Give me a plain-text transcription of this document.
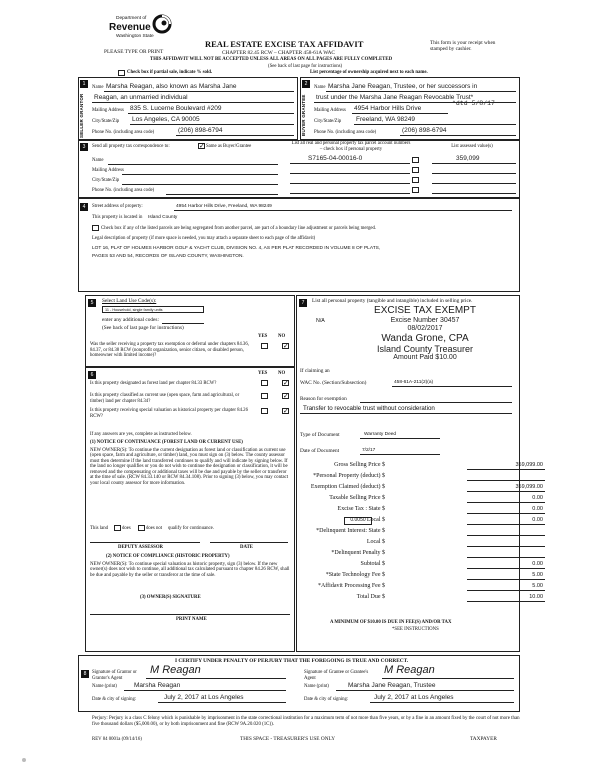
Department of
Revenue
Washington State
PLEASE TYPE OR PRINT
REAL ESTATE EXCISE TAX AFFIDAVIT
CHAPTER 82.45 RCW – CHAPTER 458-61A WAC
THIS AFFIDAVIT WILL NOT BE ACCEPTED UNLESS ALL AREAS ON ALL PAGES ARE FULLY COMPLETED
(See back of last page for instructions)
This form is your receipt when stamped by cashier.
Check box if partial sale, indicate % sold.	List percentage of ownership acquired next to each name.
1
SELLER GRANTOR
Name Marsha Reagan, also known as Marsha Jane
Reagan, an unmarried individual
Mailing Address 835 S. Lucerne Boulevard #209
City/State/Zip Los Angeles, CA 90005
Phone No. (including area code)	(206) 898-6794
2
BUYER GRANTEE
Name Marsha Jane Reagan, Trustee, or her successors in
trust under the Marsha Jane Reagan Revocable Trust*
*dtd 5/8/17
Mailing Address 4954 Harbor Hills Drive
City/State/Zip Freeland, WA 98249
Phone No. (including area code)	(206) 898-6794
3	Send all property tax correspondence to:
✓	Same as Buyer/Grantee
Name
Mailing Address
City/State/Zip
Phone No. (including area code)
List all real and personal property tax parcel account numbers – check box if personal property
List assessed value(s)
S7165-04-00016-0	359,099
4	Street address of property:	4954 Harbor Hills Drive, Freeland, WA 98249
This property is located in Island County
Check box if any of the listed parcels are being segregated from another parcel, are part of a boundary line adjustment or parcels being merged.
Legal description of property (if more space is needed, you may attach a separate sheet to each page of the affidavit)
LOT 16, PLAT OF HOLMES HARBOR GOLF & YACHT CLUB, DIVISION NO. 4, AS PER PLAT RECORDED IN VOLUME 8 OF PLATS,
PAGES 53 AND 54, RECORDS OF ISLAND COUNTY, WASHINGTON.
5	Select Land Use Code(s):
11 - Household, single family units
enter any additional codes:
(See back of last page for instructions)
YES NO
Was the seller receiving a property tax exemption or deferral under chapters 84.36, 84.37, or 84.38 RCW (nonprofit organization, senior citizen, or disabled person, homeowner with limited income)?
✓
6	YES NO
Is this property designated as forest land per chapter 84.33 RCW?
✓
Is this property classified as current use (open space, farm and agricultural, or timber) land per chapter 84.34?
✓
Is this property receiving special valuation as historical property per chapter 84.26 RCW?
✓
If any answers are yes, complete as instructed below.
(1) NOTICE OF CONTINUANCE (FOREST LAND OR CURRENT USE)
NEW OWNER(S): To continue the current designation as forest land or classification as current use (open space, farm and agriculture, or timber) land, you must sign on (3) below. The county assessor must then determine if the land transferred continues to qualify and will indicate by signing below. If the land no longer qualifies or you do not wish to continue the designation or classification, it will be removed and the compensating or additional taxes will be due and payable by the seller or transferor at the time of sale. (RCW 84.33.140 or RCW 84.34.108). Prior to signing (3) below, you may contact your local county assessor for more information.
This land	does	does not qualify for continuance.
DEPUTY ASSESSOR	DATE
(2) NOTICE OF COMPLIANCE (HISTORIC PROPERTY)
NEW OWNER(S): To continue special valuation as historic property, sign (3) below. If the new owner(s) does not wish to continue, all additional tax calculated pursuant to chapter 84.26 RCW, shall be due and payable by the seller or transferor at the time of sale.
(3) OWNER(S) SIGNATURE
PRINT NAME
7	List all personal property (tangible and intangible) included in selling price.
N/A
EXCISE TAX EXEMPT
Excise Number 30457
08/02/2017
Wanda Grone, CPA
Island County Treasurer
Amount Paid $10.00
If claiming an
WAC No. (Section/Subsection)	458-61A-211(2)(a)
Reason for exemption
Transfer to revocable trust without consideration
Type of Document	Warranty Deed
Date of Document	7/2/17
Gross Selling Price $	359,099.00
*Personal Property (deduct) $
Exemption Claimed (deduct) $	359,099.00
Taxable Selling Price $	0.00
Excise Tax : State $	0.00
0.0050 Local $	0.00
*Delinquent Interest: State $
Local $
*Delinquent Penalty $
Subtotal $	0.00
*State Technology Fee $	5.00
*Affidavit Processing Fee $	5.00
Total Due $	10.00
A MINIMUM OF $10.00 IS DUE IN FEE(S) AND/OR TAX
*SEE INSTRUCTIONS
8
I CERTIFY UNDER PENALTY OF PERJURY THAT THE FOREGOING IS TRUE AND CORRECT.
Signature of Grantor or Grantor's Agent
M Reagan
Name (print)	Marsha Reagan
Date & city of signing:	July 2, 2017 at Los Angeles
Signature of Grantee or Grantee's Agent
M Reagan
Name (print)	Marsha Jane Reagan, Trustee
Date & city of signing:	July 2, 2017 at Los Angeles
Perjury: Perjury is a class C felony which is punishable by imprisonment in the state correctional institution for a maximum term of not more than five years, or by a fine in an amount fixed by the court of not more than five thousand dollars ($5,000.00), or by both imprisonment and fine (RCW 9A.20.020 (1C)).
REV 84 0001a (09/14/16)	THIS SPACE - TREASURER'S USE ONLY	TAXPAYER
